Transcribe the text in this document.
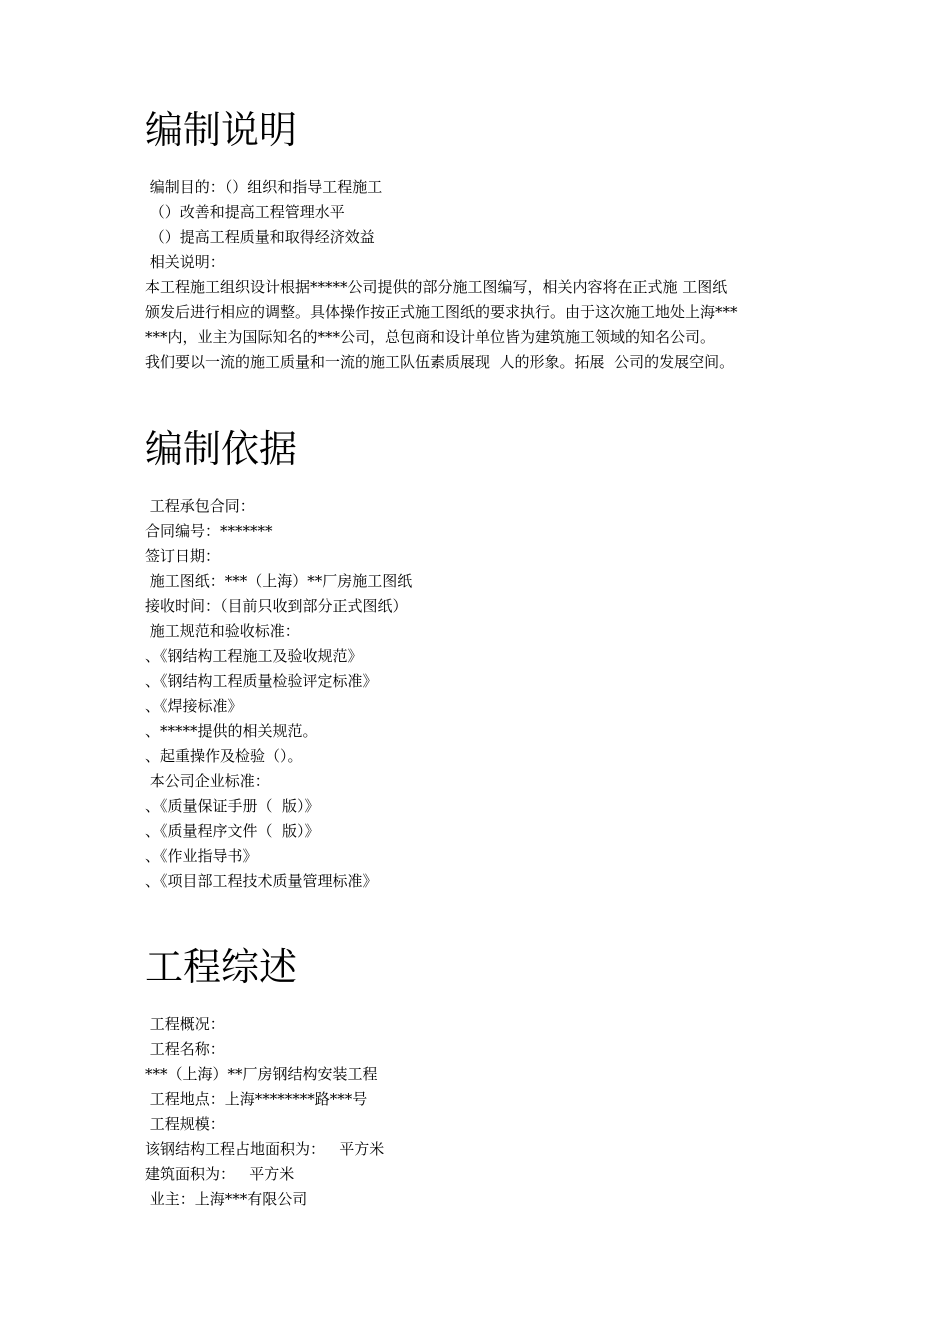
编制说明
编制目的：（）组织和指导工程施工
（）改善和提高工程管理水平
（）提高工程质量和取得经济效益
相关说明：
本工程施工组织设计根据*****公司提供的部分施工图编写，相关内容将在正式施 工图纸
颁发后进行相应的调整。具体操作按正式施工图纸的要求执行。由于这次施工地处上海***
***内，业主为国际知名的***公司，总包商和设计单位皆为建筑施工领域的知名公司。
我们要以一流的施工质量和一流的施工队伍素质展现  人的形象。拓展  公司的发展空间。
编制依据
工程承包合同：
合同编号：*******
签订日期：
施工图纸：***（上海）**厂房施工图纸
接收时间：（目前只收到部分正式图纸）
施工规范和验收标准：
、《钢结构工程施工及验收规范》
、《钢结构工程质量检验评定标准》
、《焊接标准》
、*****提供的相关规范。
、起重操作及检验（）。
本公司企业标准：
、《质量保证手册（  版）》
、《质量程序文件（  版）》
、《作业指导书》
、《项目部工程技术质量管理标准》
工程综述
工程概况：
工程名称：
***（上海）**厂房钢结构安装工程
工程地点：上海********路***号
工程规模：
该钢结构工程占地面积为：   平方米
建筑面积为：   平方米
业主：上海***有限公司
